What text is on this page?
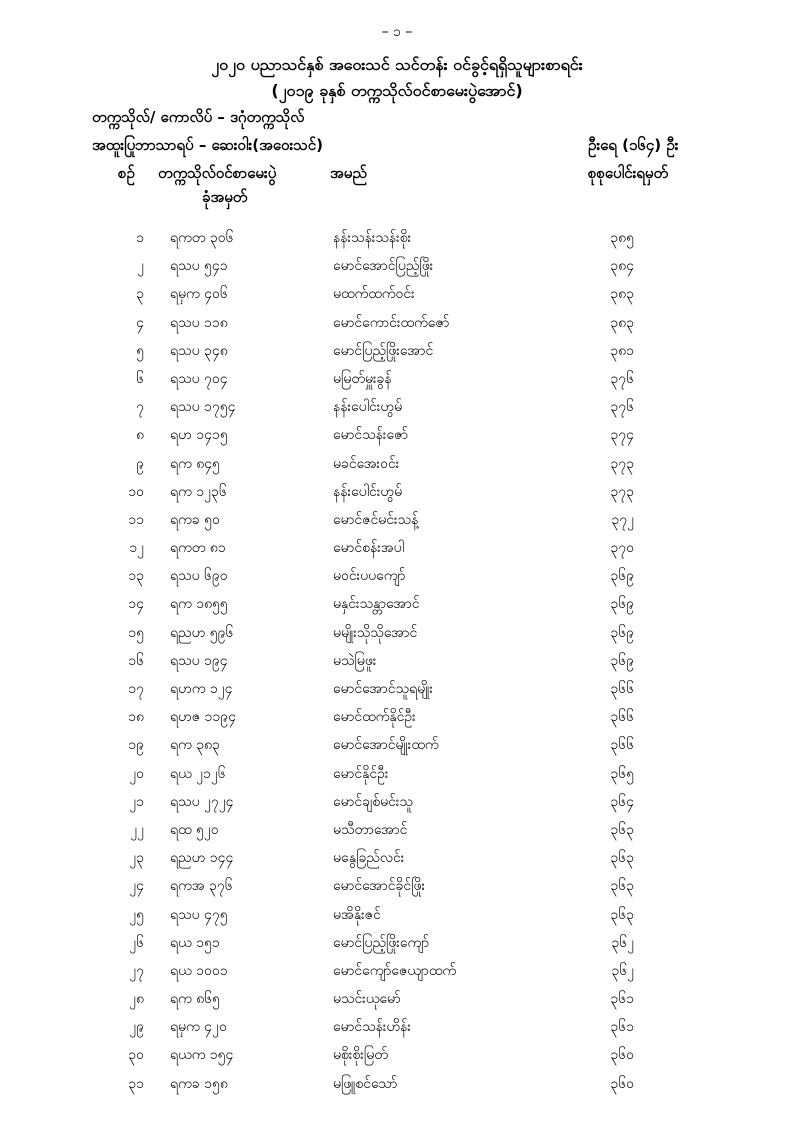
– ၁ –
၂၀၂၀ ပညာသင်နှစ် အဝေးသင် သင်တန်း ဝင်ခွင့်ရရှိသူများစာရင်း
(၂၀၁၉ ခုနှစ် တက္ကသိုလ်ဝင်စာမေးပွဲအောင်)
တက္ကသိုလ်/ ကောလိပ် – ဒဂုံတက္ကသိုလ်
အထူးပြုဘာသာရပ် – ဆေးဝါး(အဝေးသင်)	ဦးရေ (၁၆၄) ဦး
စဉ် တက္ကသိုလ်ဝင်စာမေးပွဲ
ခုံအမှတ်
အမည်	စုစုပေါင်းရမှတ်
၁ ရကတ ၃၀၆	နန်းသန်းသန်းစိုး	၃၈၅
၂ ရသပ ၅၄၁	မောင်အောင်ပြည့်ဖြိုး	၃၈၄
၃ ရမှက ၄၀၆	မထက်ထက်ဝင်း	၃၈၃
၄ ရသပ ၁၁၈	မောင်ကောင်းထက်ဇော်	၃၈၃
၅ ရသပ ၃၄၈	မောင်ပြည့်ဖြိုးအောင်	၃၈၁
၆ ရသပ ၇၀၄	မမြတ်မှူးခွန်	၃၇၆
၇ ရသပ ၁၇၅၄	နန်းပေါင်းဟွမ်	၃၇၆
၈ ရဟ ၁၄၁၅	မောင်သန်းဇော်	၃၇၄
၉ ရက ၈၄၅	မခင်အေးဝင်း	၃၇၃
၁၀ ရက ၁၂၃၆	နန်းပေါင်းဟွမ်	၃၇၃
၁၁ ရကခ ၅၀	မောင်ဇင်မင်းသန့်	၃၇၂
၁၂ ရကတ ၈၁	မောင်စန်းအပါ	၃၇၀
၁၃ ရသပ ၆၉၀	မဝင်းပပကျော်	၃၆၉
၁၄ ရက ၁၈၅၅	မနှင်းသန္တာအောင်	၃၆၉
၁၅ ရညဟ ၅၉၆	မမျိုးသိုသိုအောင်	၃၆၉
၁၆ ရသပ ၁၉၄	မသဲမြဖူး	၃၆၉
၁၇ ရဟက ၁၂၄	မောင်အောင်သူရမျိုး	၃၆၆
၁၈ ရဟဇ ၁၁၉၄	မောင်ထက်နိုင်ဦး	၃၆၆
၁၉ ရက ၃၈၃	မောင်အောင်မျိုးထက်	၃၆၆
၂၀ ရယ ၂၁၂၆	မောင်နိုင်ဦး	၃၆၅
၂၁ ရသပ ၂၇၂၄	မောင်ချစ်မင်းသူ	၃၆၄
၂၂ ရထ ၅၂၀	မသီတာအောင်	၃၆၃
၂၃ ရညဟ ၁၄၄	မနွေခြည်လင်း	၃၆၃
၂၄ ရကအ ၃၇၆	မောင်အောင်ခိုင်ဖြိုး	၃၆၃
၂၅ ရသပ ၄၇၅	မအိနိုးဇင်	၃၆၃
၂၆ ရယ ၁၅၁	မောင်ပြည့်ဖြိုးကျော်	၃၆၂
၂၇ ရယ ၁၀၀၁	မောင်ကျော်ဇေယျာထက်	၃၆၂
၂၈ ရက ၈၆၅	မသင်းယုမော်	၃၆၁
၂၉ ရမှက ၄၂၀	မောင်သန်းဟိန်း	၃၆၁
၃၀ ရယက ၁၅၄	မစိုးစိုးမြတ်	၃၆၀
၃၁ ရကခ ၁၅၈	မဖြူစင်သော်	၃၆၀
